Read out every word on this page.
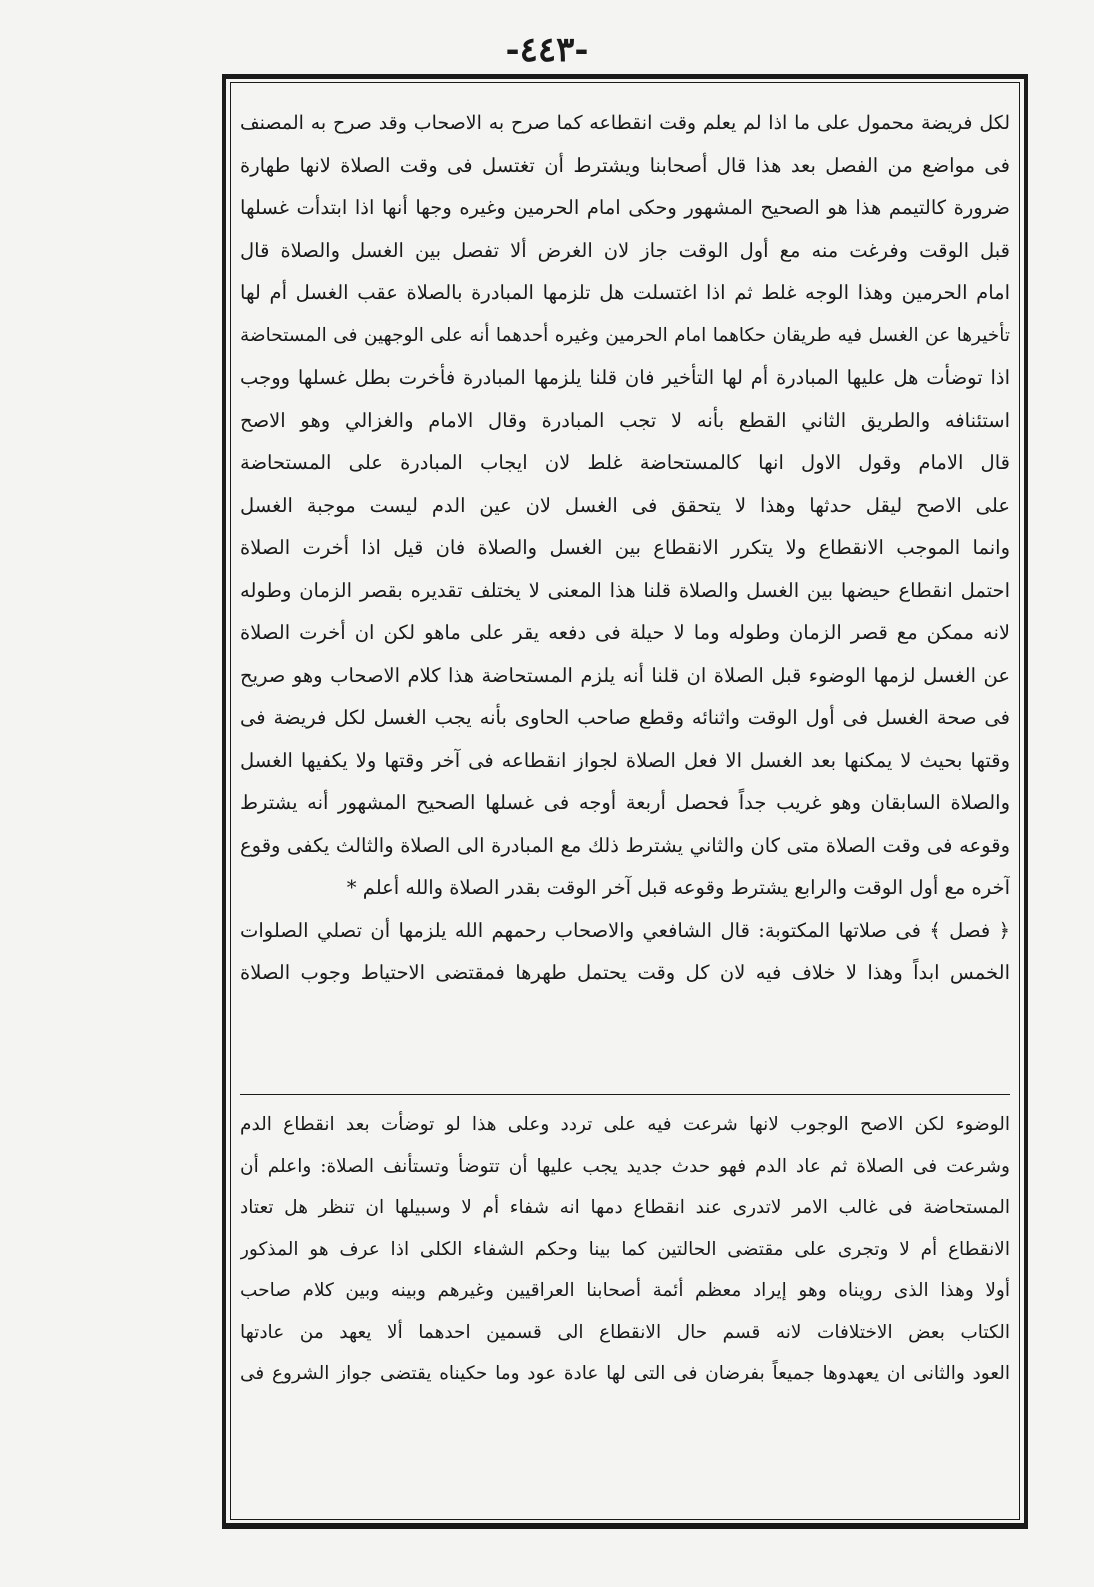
-٤٤٣-
لكل فريضة محمول على ما اذا لم يعلم وقت انقطاعه كما صرح به الاصحاب وقد صرح به المصنف
فى مواضع من الفصل بعد هذا قال أصحابنا ويشترط أن تغتسل فى وقت الصلاة لانها طهارة
ضرورة كالتيمم هذا هو الصحيح المشهور وحكى امام الحرمين وغيره وجها أنها اذا ابتدأت غسلها
قبل الوقت وفرغت منه مع أول الوقت جاز لان الغرض ألا تفصل بين الغسل والصلاة قال
امام الحرمين وهذا الوجه غلط ثم اذا اغتسلت هل تلزمها المبادرة بالصلاة عقب الغسل أم لها
تأخيرها عن الغسل فيه طريقان حكاهما امام الحرمين وغيره أحدهما أنه على الوجهين فى المستحاضة
اذا توضأت هل عليها المبادرة أم لها التأخير فان قلنا يلزمها المبادرة فأخرت بطل غسلها ووجب
استئنافه والطريق الثاني القطع بأنه لا تجب المبادرة وقال الامام والغزالي وهو الاصح
قال الامام وقول الاول انها كالمستحاضة غلط لان ايجاب المبادرة على المستحاضة
على الاصح ليقل حدثها وهذا لا يتحقق فى الغسل لان عين الدم ليست موجبة الغسل
وانما الموجب الانقطاع ولا يتكرر الانقطاع بين الغسل والصلاة فان قيل اذا أخرت الصلاة
احتمل انقطاع حيضها بين الغسل والصلاة قلنا هذا المعنى لا يختلف تقديره بقصر الزمان وطوله
لانه ممكن مع قصر الزمان وطوله وما لا حيلة فى دفعه يقر على ماهو لكن ان أخرت الصلاة
عن الغسل لزمها الوضوء قبل الصلاة ان قلنا أنه يلزم المستحاضة هذا كلام الاصحاب وهو صريح
فى صحة الغسل فى أول الوقت واثنائه وقطع صاحب الحاوى بأنه يجب الغسل لكل فريضة فى
وقتها بحيث لا يمكنها بعد الغسل الا فعل الصلاة لجواز انقطاعه فى آخر وقتها ولا يكفيها الغسل
والصلاة السابقان وهو غريب جداً فحصل أربعة أوجه فى غسلها الصحيح المشهور أنه يشترط
وقوعه فى وقت الصلاة متى كان والثاني يشترط ذلك مع المبادرة الى الصلاة والثالث يكفى وقوع
آخره مع أول الوقت والرابع يشترط وقوعه قبل آخر الوقت بقدر الصلاة والله أعلم *
﴿ فصل ﴾ فى صلاتها المكتوبة: قال الشافعي والاصحاب رحمهم الله يلزمها أن تصلي الصلوات
الخمس ابداً وهذا لا خلاف فيه لان كل وقت يحتمل طهرها فمقتضى الاحتياط وجوب الصلاة
الوضوء لكن الاصح الوجوب لانها شرعت فيه على تردد وعلى هذا لو توضأت بعد انقطاع الدم
وشرعت فى الصلاة ثم عاد الدم فهو حدث جديد يجب عليها أن تتوضأ وتستأنف الصلاة: واعلم أن
المستحاضة فى غالب الامر لاتدرى عند انقطاع دمها انه شفاء أم لا وسبيلها ان تنظر هل تعتاد
الانقطاع أم لا وتجرى على مقتضى الحالتين كما بينا وحكم الشفاء الكلى اذا عرف هو المذكور
أولا وهذا الذى رويناه وهو إيراد معظم أئمة أصحابنا العراقيين وغيرهم وبينه وبين كلام صاحب
الكتاب بعض الاختلافات لانه قسم حال الانقطاع الى قسمين احدهما ألا يعهد من عادتها
العود والثانى ان يعهدوها جميعاً بفرضان فى التى لها عادة عود وما حكيناه يقتضى جواز الشروع فى
